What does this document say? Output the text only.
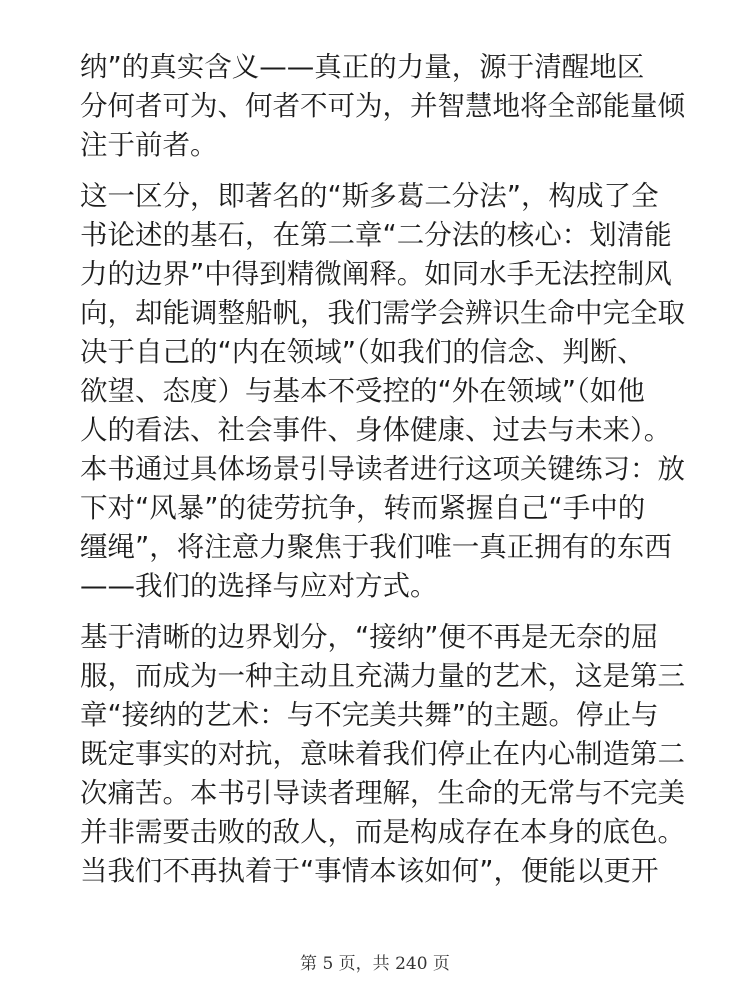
纳”的真实含义——真正的力量，源于清醒地区
分何者可为、何者不可为，并智慧地将全部能量倾
注于前者。
这一区分，即著名的“斯多葛二分法”，构成了全
书论述的基石，在第二章“二分法的核心：划清能
力的边界”中得到精微阐释。如同水手无法控制风
向，却能调整船帆，我们需学会辨识生命中完全取
决于自己的“内在领域”（如我们的信念、判断、
欲望、态度）与基本不受控的“外在领域”（如他
人的看法、社会事件、身体健康、过去与未来）。
本书通过具体场景引导读者进行这项关键练习：放
下对“风暴”的徒劳抗争，转而紧握自己“手中的
缰绳”，将注意力聚焦于我们唯一真正拥有的东西
——我们的选择与应对方式。
基于清晰的边界划分，“接纳”便不再是无奈的屈
服，而成为一种主动且充满力量的艺术，这是第三
章“接纳的艺术：与不完美共舞”的主题。停止与
既定事实的对抗，意味着我们停止在内心制造第二
次痛苦。本书引导读者理解，生命的无常与不完美
并非需要击败的敌人，而是构成存在本身的底色。
当我们不再执着于“事情本该如何”，便能以更开
第 5 页，共 240 页
